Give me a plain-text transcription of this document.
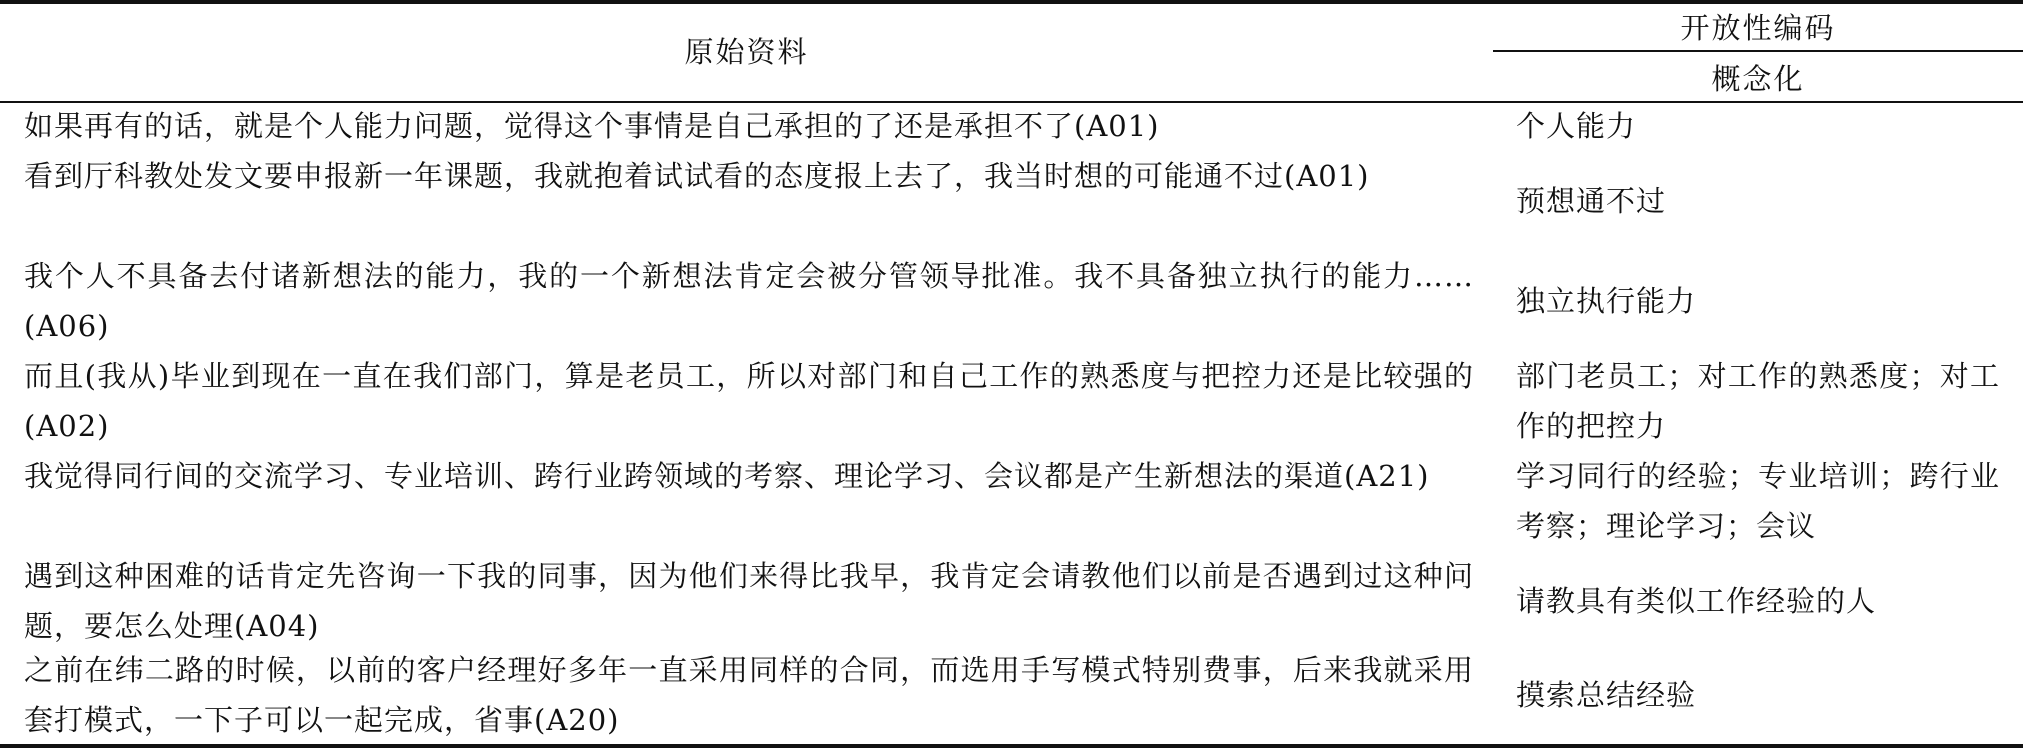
原始资料
开放性编码
概念化
如果再有的话，就是个人能力问题，觉得这个事情是自己承担的了还是承担不了(A01)	个人能力
看到厅科教处发文要申报新一年课题，我就抱着试试看的态度报上去了，我当时想的可能通不过(A01)
预想通不过
我个人不具备去付诸新想法的能力，我的一个新想法肯定会被分管领导批准。我不具备独立执行的能力……(A06)
独立执行能力
而且(我从)毕业到现在一直在我们部门，算是老员工，所以对部门和自己工作的熟悉度与把控力还是比较强的(A02)
部门老员工；对工作的熟悉度；对工作的把控力
我觉得同行间的交流学习、专业培训、跨行业跨领域的考察、理论学习、会议都是产生新想法的渠道(A21)	学习同行的经验；专业培训；跨行业考察；理论学习；会议
遇到这种困难的话肯定先咨询一下我的同事，因为他们来得比我早，我肯定会请教他们以前是否遇到过这种问题，要怎么处理(A04)
请教具有类似工作经验的人
之前在纬二路的时候，以前的客户经理好多年一直采用同样的合同，而选用手写模式特别费事，后来我就采用套打模式，一下子可以一起完成，省事(A20)
摸索总结经验
